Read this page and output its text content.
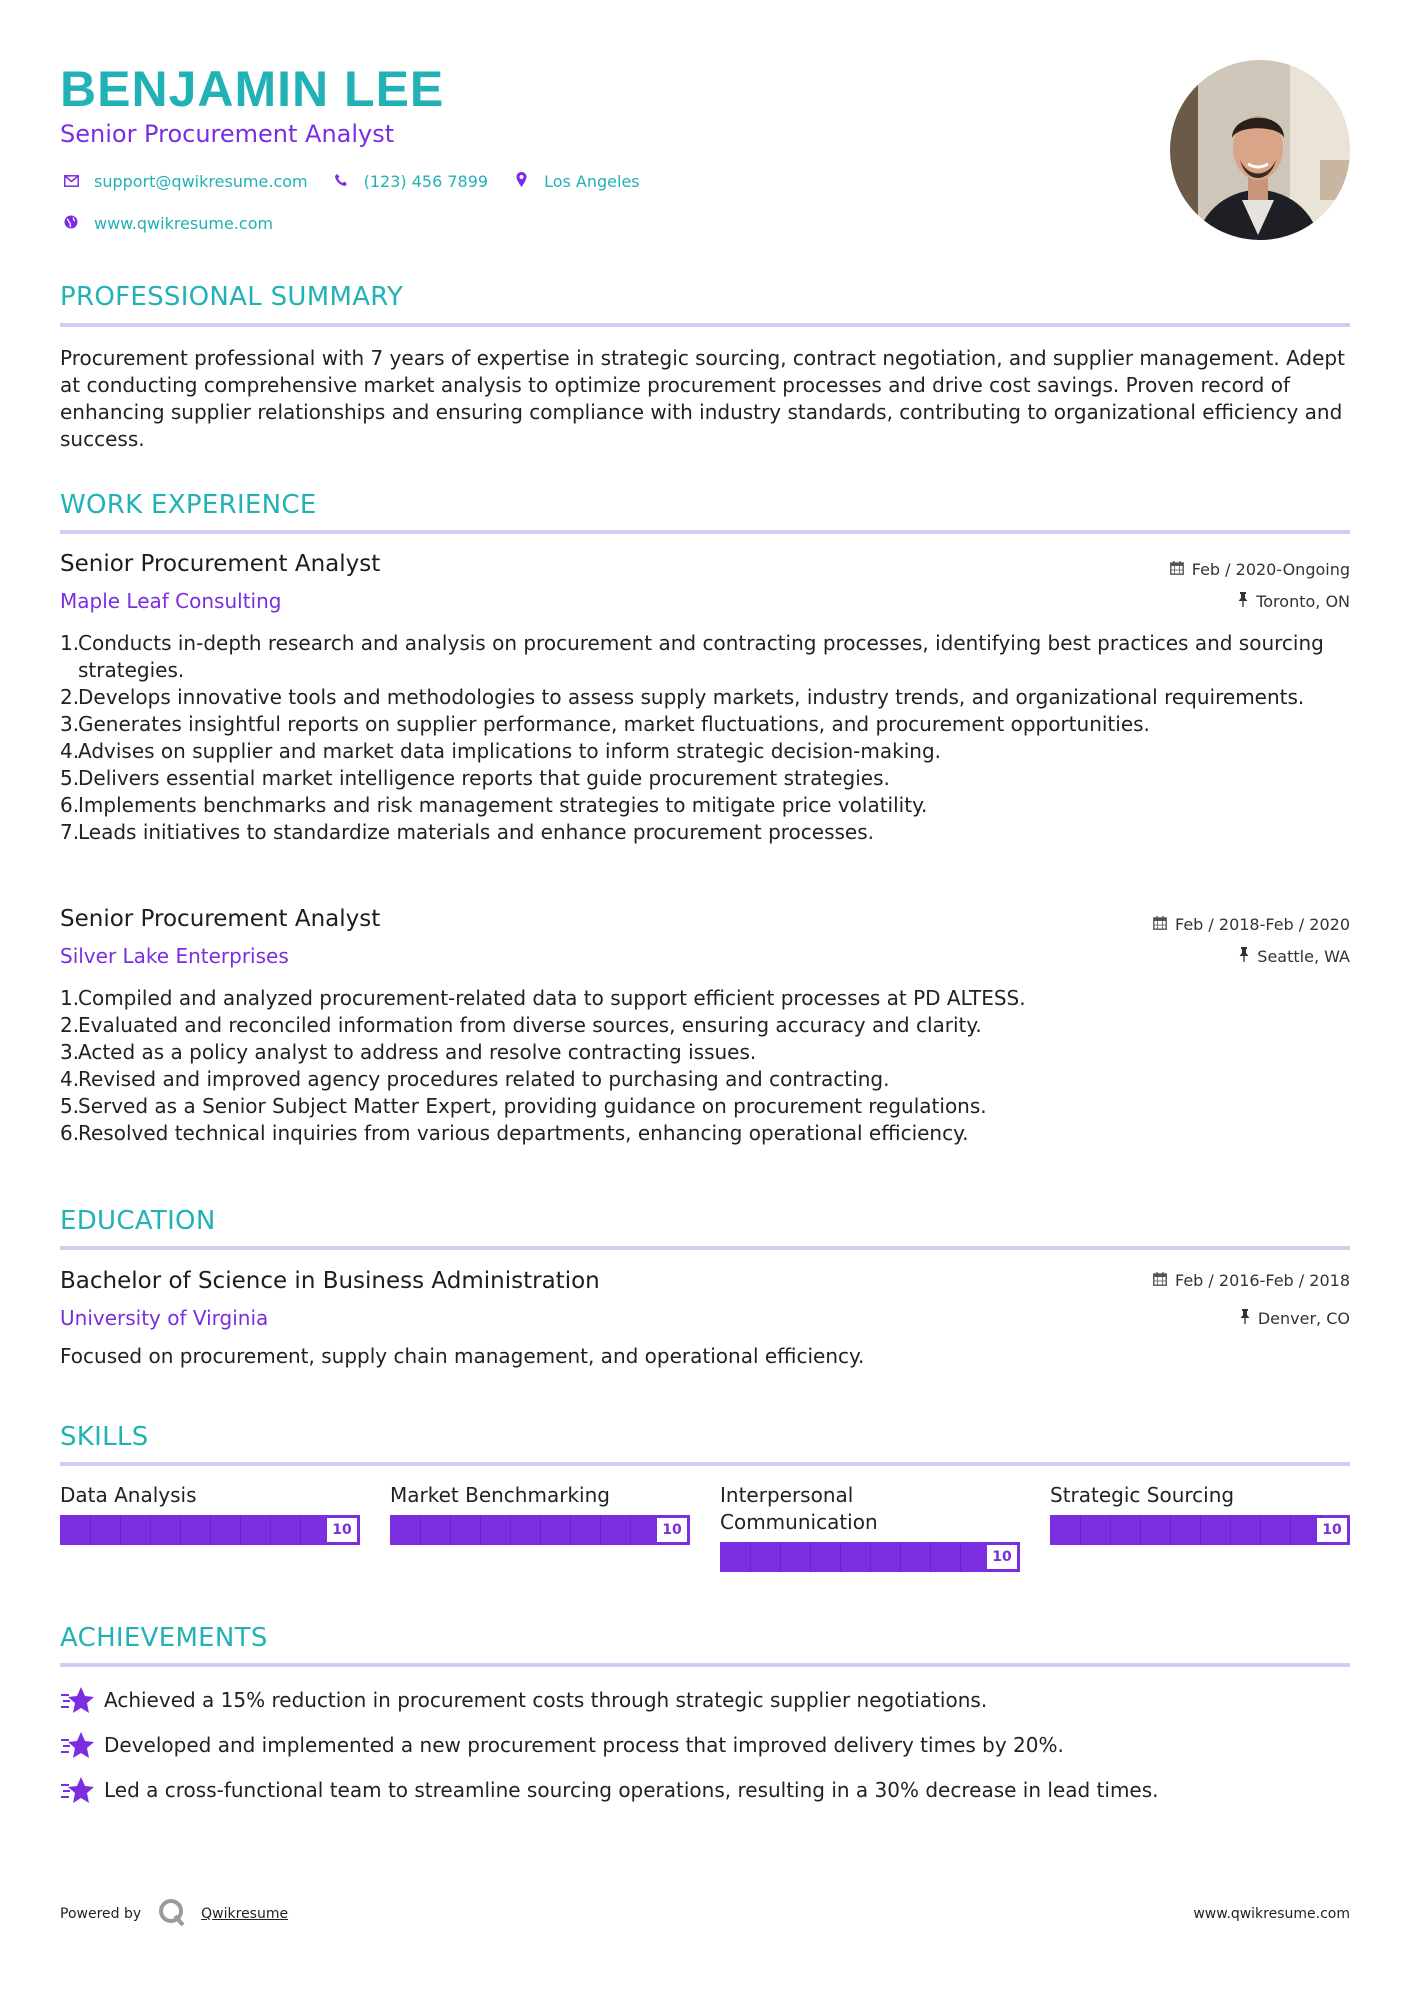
BENJAMIN LEE
Senior Procurement Analyst
support@qwikresume.com	(123) 456 7899	Los Angeles
www.qwikresume.com
PROFESSIONAL SUMMARY
Procurement professional with 7 years of expertise in strategic sourcing, contract negotiation, and supplier management. Adept at conducting comprehensive market analysis to optimize procurement processes and drive cost savings. Proven record of enhancing supplier relationships and ensuring compliance with industry standards, contributing to organizational efficiency and success.
WORK EXPERIENCE
Senior Procurement Analyst	Feb / 2020-Ongoing
Maple Leaf Consulting	Toronto, ON
1.
Conducts in-depth research and analysis on procurement and contracting processes, identifying best practices and sourcing strategies.
2.
Develops innovative tools and methodologies to assess supply markets, industry trends, and organizational requirements.
3.
Generates insightful reports on supplier performance, market fluctuations, and procurement opportunities.
4.
Advises on supplier and market data implications to inform strategic decision-making.
5.
Delivers essential market intelligence reports that guide procurement strategies.
6.
Implements benchmarks and risk management strategies to mitigate price volatility.
7.
Leads initiatives to standardize materials and enhance procurement processes.
Senior Procurement Analyst	Feb / 2018-Feb / 2020
Silver Lake Enterprises	Seattle, WA
1.
Compiled and analyzed procurement-related data to support efficient processes at PD ALTESS.
2.
Evaluated and reconciled information from diverse sources, ensuring accuracy and clarity.
3.
Acted as a policy analyst to address and resolve contracting issues.
4.
Revised and improved agency procedures related to purchasing and contracting.
5.
Served as a Senior Subject Matter Expert, providing guidance on procurement regulations.
6.
Resolved technical inquiries from various departments, enhancing operational efficiency.
EDUCATION
Bachelor of Science in Business Administration	Feb / 2016-Feb / 2018
University of Virginia	Denver, CO
Focused on procurement, supply chain management, and operational efficiency.
SKILLS
Data Analysis
10
Market Benchmarking
10
Interpersonal Communication
10
Strategic Sourcing
10
ACHIEVEMENTS
Achieved a 15% reduction in procurement costs through strategic supplier negotiations.
Developed and implemented a new procurement process that improved delivery times by 20%.
Led a cross-functional team to streamline sourcing operations, resulting in a 30% decrease in lead times.
Powered by	Qwikresume	www.qwikresume.com
